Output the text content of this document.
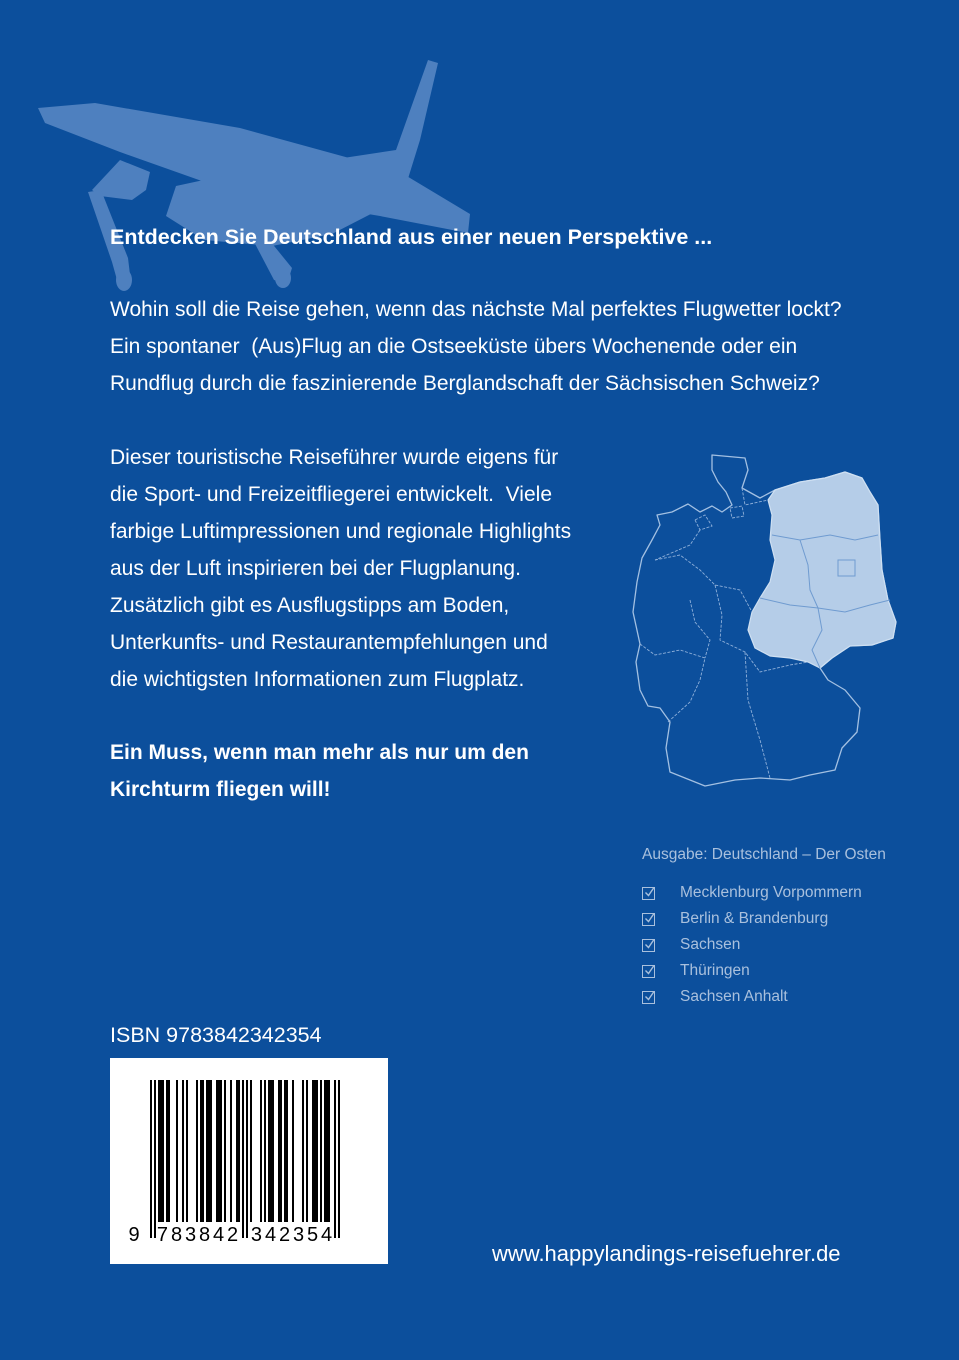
Entdecken Sie Deutschland aus einer neuen Perspektive ...
Wohin soll die Reise gehen, wenn das nächste Mal perfektes Flugwetter lockt?
Ein spontaner  (Aus)Flug an die Ostseeküste übers Wochenende oder ein
Rundflug durch die faszinierende Berglandschaft der Sächsischen Schweiz?
Dieser touristische Reiseführer wurde eigens für
die Sport- und Freizeitfliegerei entwickelt.  Viele
farbige Luftimpressionen und regionale Highlights
aus der Luft inspirieren bei der Flugplanung.
Zusätzlich gibt es Ausflugstipps am Boden,
Unterkunfts- und Restaurantempfehlungen und
die wichtigsten Informationen zum Flugplatz.
Ein Muss, wenn man mehr als nur um den
Kirchturm fliegen will!
Ausgabe: Deutschland – Der Osten
Mecklenburg Vorpommern
Berlin & Brandenburg
Sachsen
Thüringen
Sachsen Anhalt
ISBN 9783842342354
9 783842 342354
www.happylandings-reisefuehrer.de
